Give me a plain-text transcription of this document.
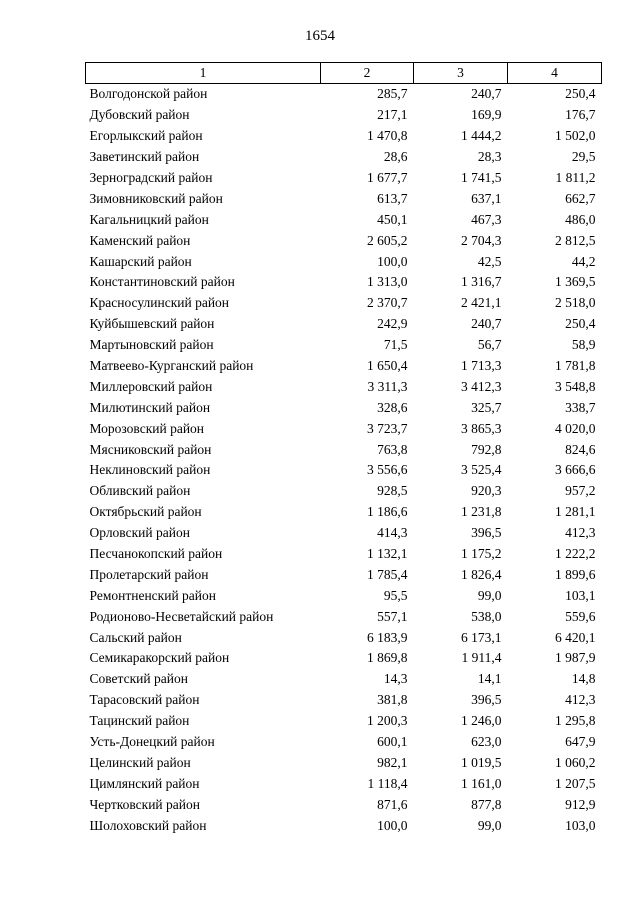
1654
1	2	3	4
Волгодонской район	285,7	240,7	250,4
Дубовский район	217,1	169,9	176,7
Егорлыкский район	1 470,8	1 444,2	1 502,0
Заветинский район	28,6	28,3	29,5
Зерноградский район	1 677,7	1 741,5	1 811,2
Зимовниковский район	613,7	637,1	662,7
Кагальницкий район	450,1	467,3	486,0
Каменский район	2 605,2	2 704,3	2 812,5
Кашарский район	100,0	42,5	44,2
Константиновский район	1 313,0	1 316,7	1 369,5
Красносулинский район	2 370,7	2 421,1	2 518,0
Куйбышевский район	242,9	240,7	250,4
Мартыновский район	71,5	56,7	58,9
Матвеево-Курганский район	1 650,4	1 713,3	1 781,8
Миллеровский район	3 311,3	3 412,3	3 548,8
Милютинский район	328,6	325,7	338,7
Морозовский район	3 723,7	3 865,3	4 020,0
Мясниковский район	763,8	792,8	824,6
Неклиновский район	3 556,6	3 525,4	3 666,6
Обливский район	928,5	920,3	957,2
Октябрьский район	1 186,6	1 231,8	1 281,1
Орловский район	414,3	396,5	412,3
Песчанокопский район	1 132,1	1 175,2	1 222,2
Пролетарский район	1 785,4	1 826,4	1 899,6
Ремонтненский район	95,5	99,0	103,1
Родионово-Несветайский район	557,1	538,0	559,6
Сальский район	6 183,9	6 173,1	6 420,1
Семикаракорский район	1 869,8	1 911,4	1 987,9
Советский район	14,3	14,1	14,8
Тарасовский район	381,8	396,5	412,3
Тацинский район	1 200,3	1 246,0	1 295,8
Усть-Донецкий район	600,1	623,0	647,9
Целинский район	982,1	1 019,5	1 060,2
Цимлянский район	1 118,4	1 161,0	1 207,5
Чертковский район	871,6	877,8	912,9
Шолоховский район	100,0	99,0	103,0
